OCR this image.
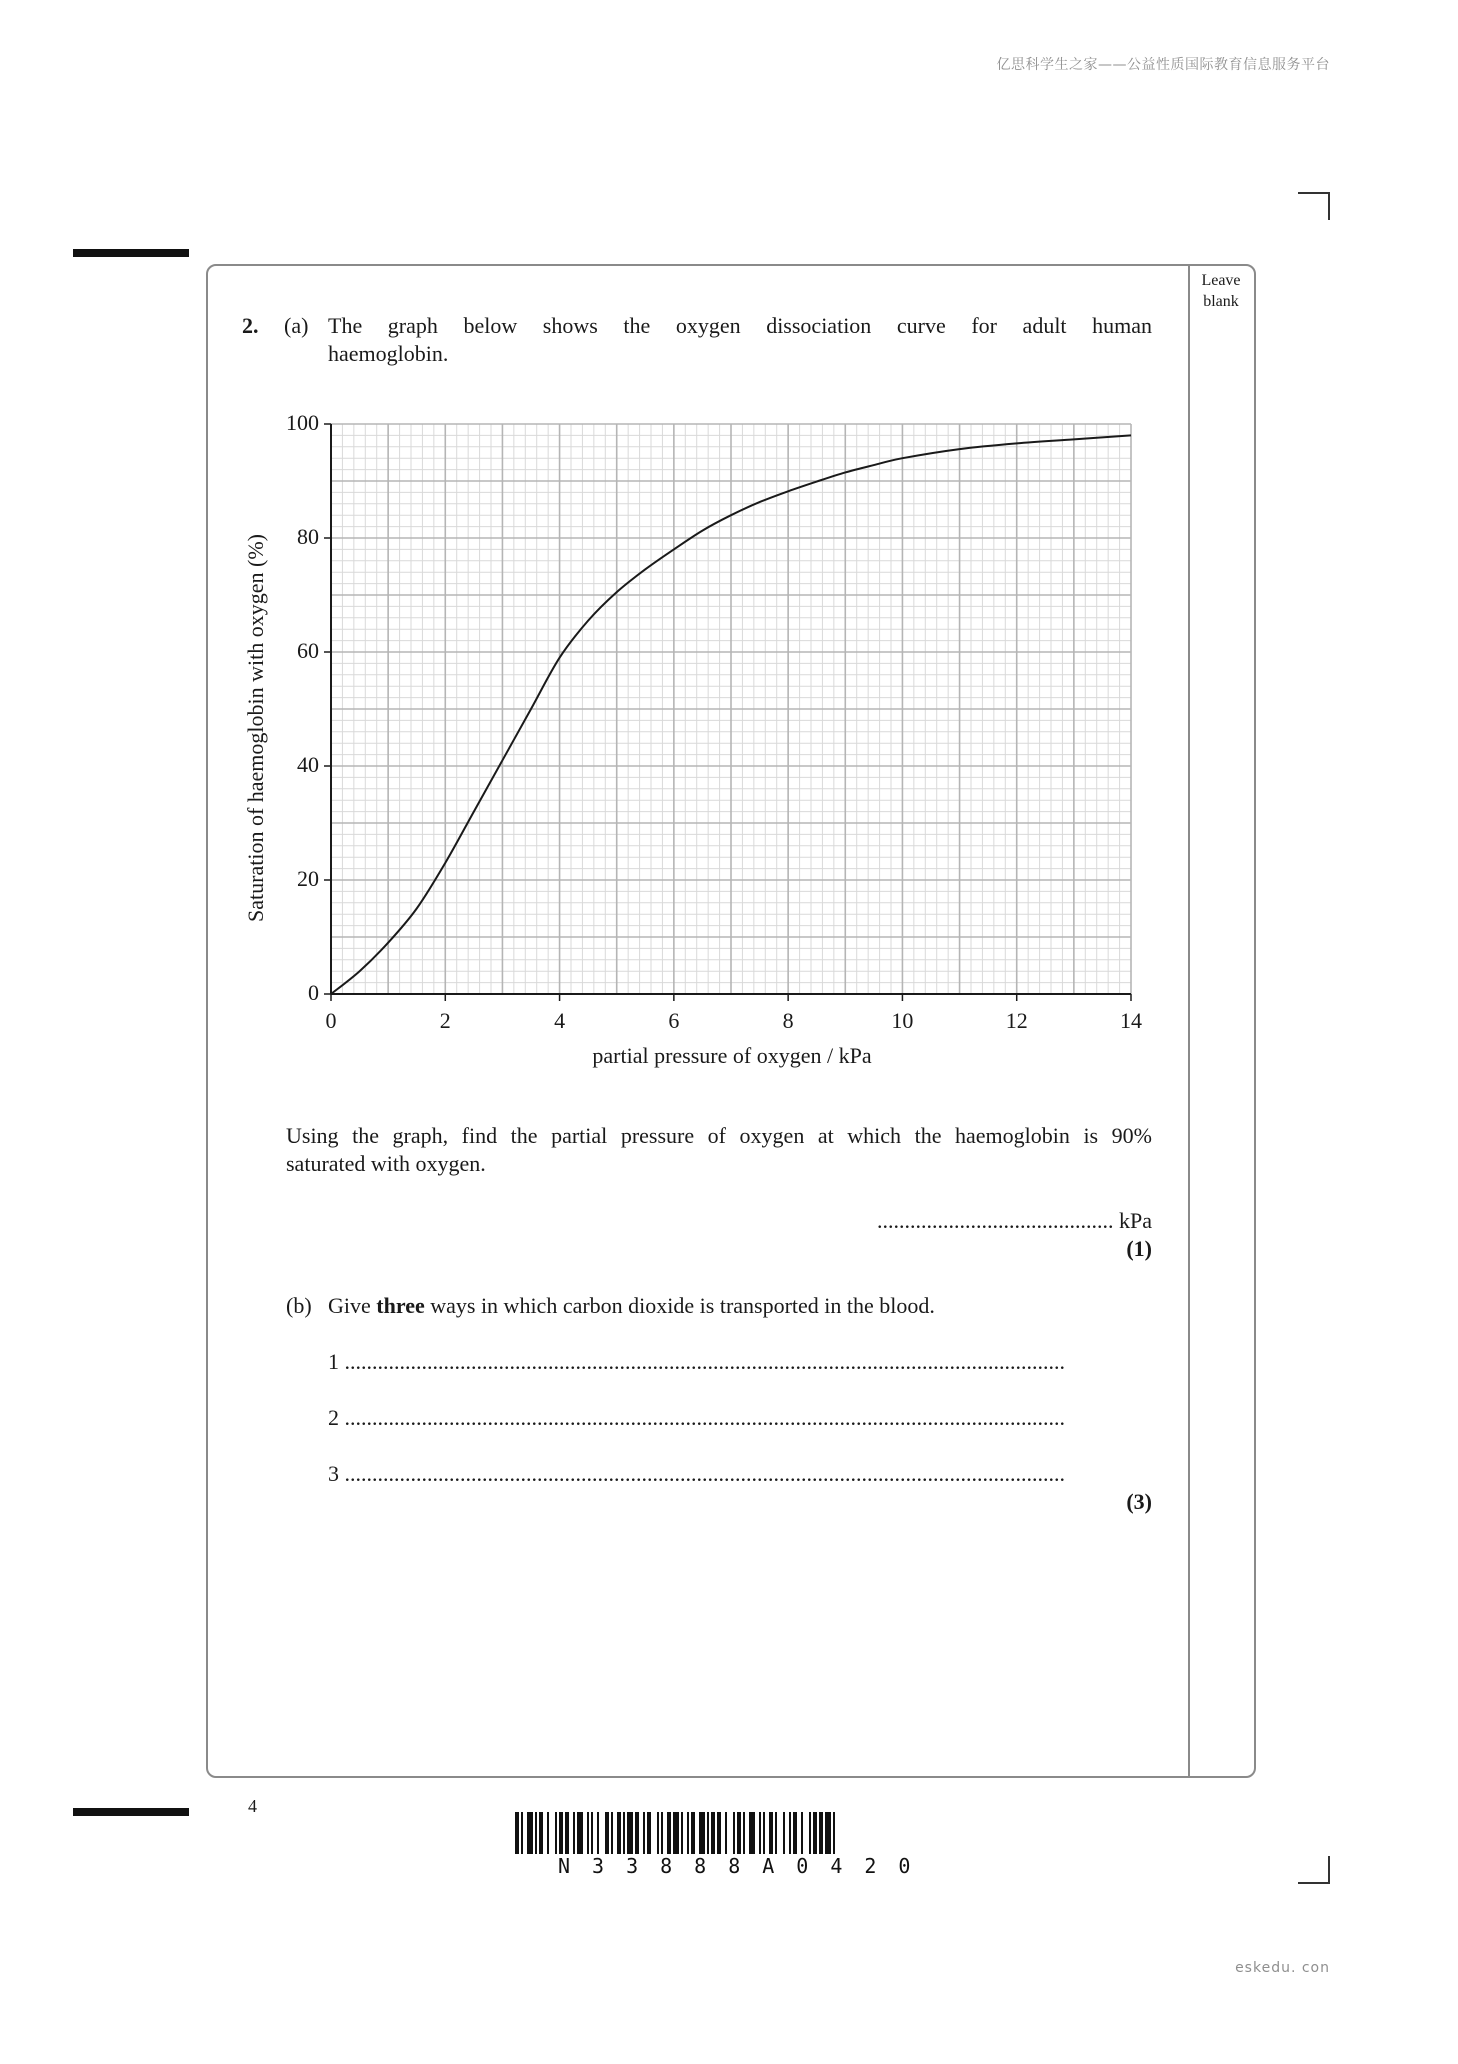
亿思科学生之家——公益性质国际教育信息服务平台
eskedu. con
Leave blank
2. (a) The graph below shows the oxygen dissociation curve for adult human
haemoglobin.
0	2	4	6	8	10	12	14
0
20
40
60
80
100
partial pressure of oxygen / kPa
Saturation of haemoglobin with oxygen (%)
Using the graph, find the partial pressure of oxygen at which the haemoglobin is 90%
saturated with oxygen.
........................................... kPa
(1)
(b) Give three ways in which carbon dioxide is transported in the blood.
1 ...................................................................................................................................
2 ...................................................................................................................................
3 ...................................................................................................................................
(3)
4
N33888A0420
